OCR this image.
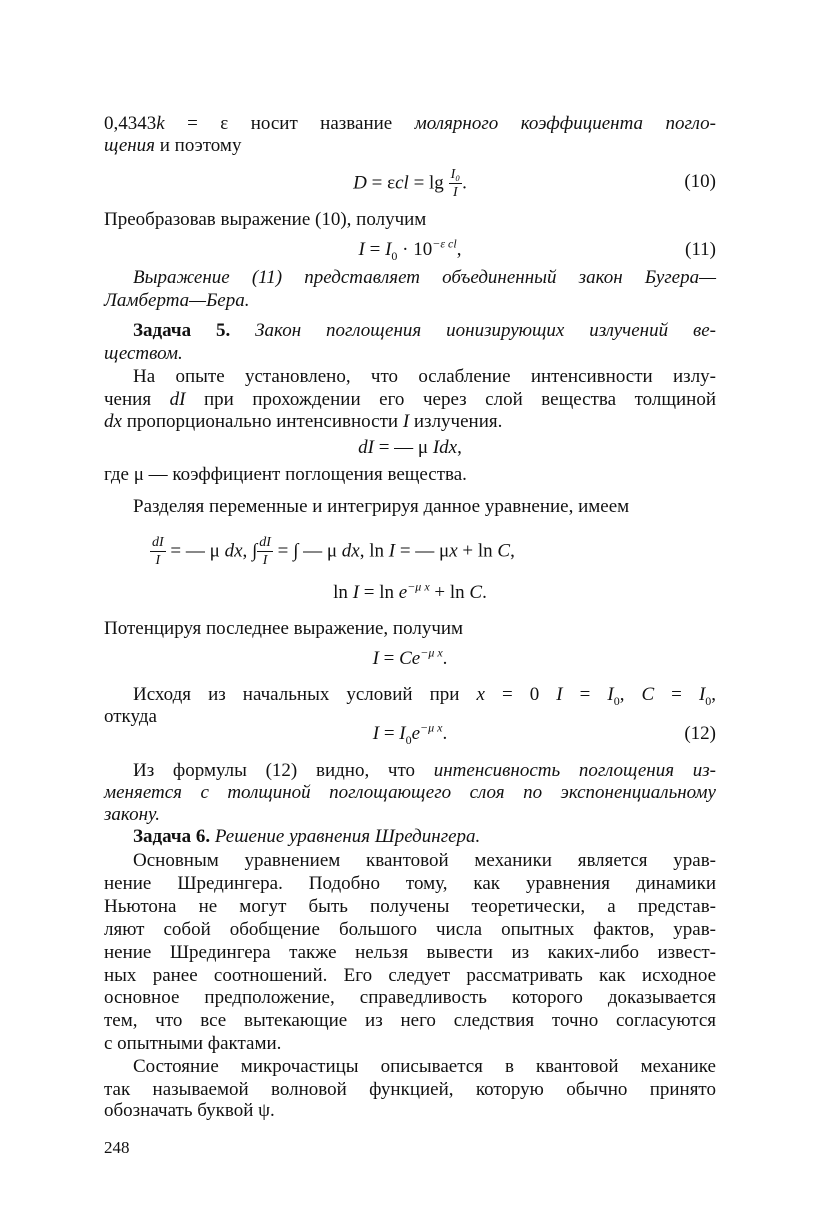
0,4343k = ε носит название молярного коэффициента погло-

щения и поэтому

$D = \varepsilon cl = \lg \frac{\text{I₀}}{I}$ .	(10)

Преобразовав выражение (10), получим

$I = I_0 \cdot 10^{-\varepsilon cl}$,	(11)

Выражение (11) представляет объединенный закон Бугера—

Ламберта—Бера.

Задача 5. Закон поглощения ионизирующих излучений ве-

ществом.

На опыте установлено, что ослабление интенсивности излу-

чения dI при прохождении его через слой вещества толщиной

dx пропорционально интенсивности I излучения.

dI = — μ Idx,

где μ — коэффициент поглощения вещества.

Разделяя переменные и интегрируя данное уравнение, имеем

$\frac{dI}{I}$ = — μ dx, ∫ $\frac{dI}{I}$ = ∫ — μ dx, ln I = — μx + ln C,

$\ln I = \ln e^{-\mu x} + \ln C$.

Потенцируя последнее выражение, получим

$I = Ce^{-\mu x}$.

Исходя из начальных условий при x = 0 $I = I_0$, $C = I_0$,

откуда

$I = I_0e^{-\mu x}$.	(12)

Из формулы (12) видно, что интенсивность поглощения из-

меняется с толщиной поглощающего слоя по экспоненциальному

закону.

Задача 6. Решение уравнения Шредингера.

Основным уравнением квантовой механики является урав-

нение Шредингера. Подобно тому, как уравнения динамики

Ньютона не могут быть получены теоретически, а представ-

ляют собой обобщение большого числа опытных фактов, урав-

нение Шредингера также нельзя вывести из каких-либо извест-

ных ранее соотношений. Его следует рассматривать как исходное

основное предположение, справедливость которого доказывается

тем, что все вытекающие из него следствия точно согласуются

с опытными фактами.

Состояние микрочастицы описывается в квантовой механике

так называемой волновой функцией, которую обычно принято

обозначать буквой ψ.

248
